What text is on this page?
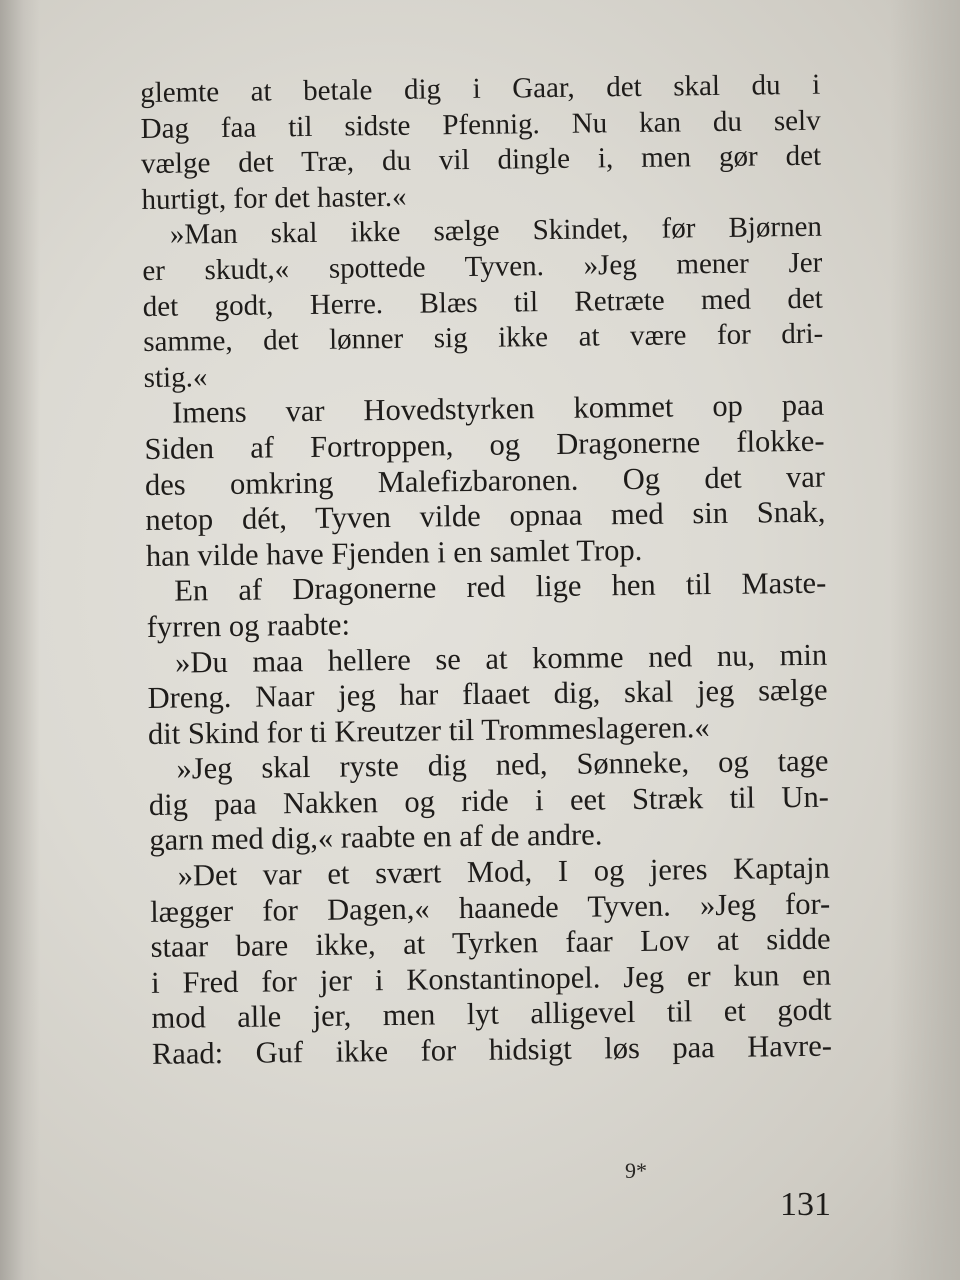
glemte at betale dig i Gaar, det skal du i
Dag faa til sidste Pfennig. Nu kan du selv
vælge det Træ, du vil dingle i, men gør det
hurtigt, for det haster.«
»Man skal ikke sælge Skindet, før Bjørnen
er skudt,« spottede Tyven. »Jeg mener Jer
det godt, Herre. Blæs til Retræte med det
samme, det lønner sig ikke at være for dri-
stig.«
Imens var Hovedstyrken kommet op paa
Siden af Fortroppen, og Dragonerne flokke-
des omkring Malefizbaronen. Og det var
netop dét, Tyven vilde opnaa med sin Snak,
han vilde have Fjenden i en samlet Trop.
En af Dragonerne red lige hen til Maste-
fyrren og raabte:
»Du maa hellere se at komme ned nu, min
Dreng. Naar jeg har flaaet dig, skal jeg sælge
dit Skind for ti Kreutzer til Trommeslageren.«
»Jeg skal ryste dig ned, Sønneke, og tage
dig paa Nakken og ride i eet Stræk til Un-
garn med dig,« raabte en af de andre.
»Det var et svært Mod, I og jeres Kaptajn
lægger for Dagen,« haanede Tyven. »Jeg for-
staar bare ikke, at Tyrken faar Lov at sidde
i Fred for jer i Konstantinopel. Jeg er kun en
mod alle jer, men lyt alligevel til et godt
Raad: Guf ikke for hidsigt løs paa Havre-
9*
131
